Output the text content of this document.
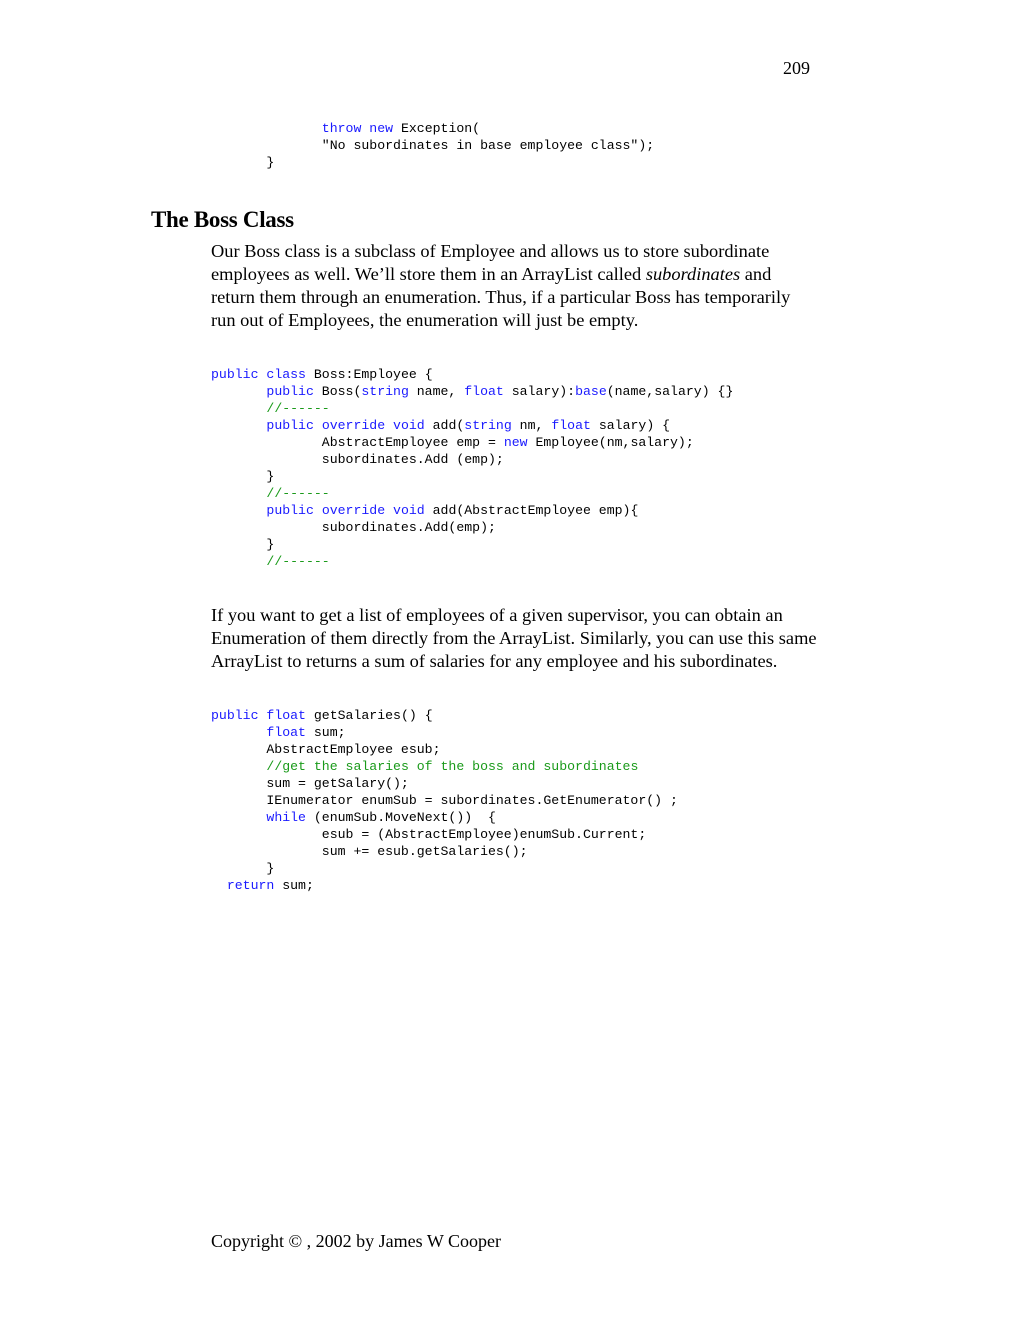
209
throw new Exception(
"No subordinates in base employee class");
}
The Boss Class

Our Boss class is a subclass of Employee and allows us to store subordinate employees as well. We’ll store them in an ArrayList called subordinates and return them through an enumeration. Thus, if a particular Boss has temporarily run out of Employees, the enumeration will just be empty.

public class Boss:Employee {
public Boss(string name, float salary):base(name,salary) {}
//------
public override void add(string nm, float salary) {
AbstractEmployee emp = new Employee(nm,salary);
subordinates.Add (emp);
}
//------
public override void add(AbstractEmployee emp){
subordinates.Add(emp);
}
//------

If you want to get a list of employees of a given supervisor, you can obtain an Enumeration of them directly from the ArrayList. Similarly, you can use this same ArrayList to returns a sum of salaries for any employee and his subordinates.

public float getSalaries() {
float sum;
AbstractEmployee esub;
//get the salaries of the boss and subordinates
sum = getSalary();
IEnumerator enumSub = subordinates.GetEnumerator() ;
while (enumSub.MoveNext())  {
esub = (AbstractEmployee)enumSub.Current;
sum += esub.getSalaries();
}
return sum;
Copyright © , 2002 by James W Cooper
